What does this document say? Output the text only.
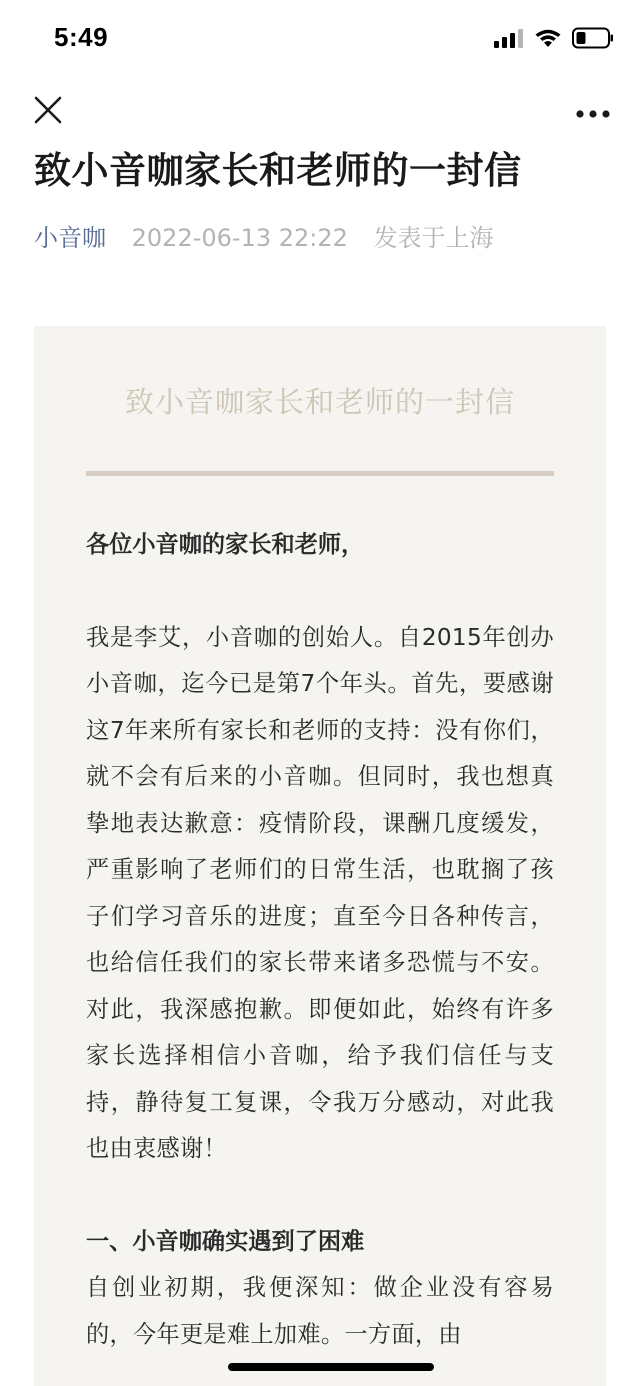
5:49
致小音咖家长和老师的一封信
小音咖 2022-06-13 22:22 发表于上海
致小音咖家长和老师的一封信

各位小音咖的家长和老师，

我是李艾，小音咖的创始人。自2015年创办小音咖，迄今已是第7个年头。首先，要感谢这7年来所有家长和老师的支持：没有你们，就不会有后来的小音咖。但同时，我也想真挚地表达歉意：疫情阶段，课酬几度缓发，严重影响了老师们的日常生活，也耽搁了孩子们学习音乐的进度；直至今日各种传言，也给信任我们的家长带来诸多恐慌与不安。对此，我深感抱歉。即便如此，始终有许多家长选择相信小音咖，给予我们信任与支持，静待复工复课，令我万分感动，对此我也由衷感谢！

一、小音咖确实遇到了困难

自创业初期，我便深知：做企业没有容易的，今年更是难上加难。一方面，由
